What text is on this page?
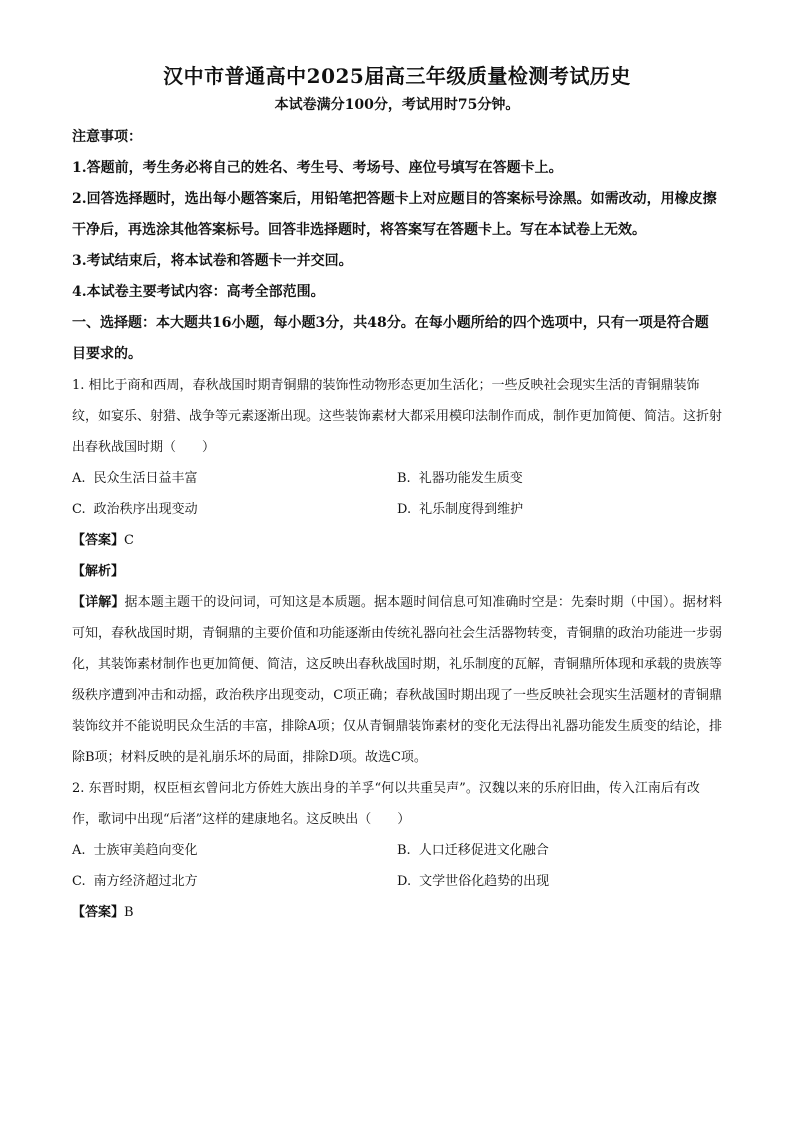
汉中市普通高中2025届高三年级质量检测考试历史

本试卷满分100分，考试用时75分钟。

注意事项：

1.答题前，考生务必将自己的姓名、考生号、考场号、座位号填写在答题卡上。

2.回答选择题时，选出每小题答案后，用铅笔把答题卡上对应题目的答案标号涂黑。如需改动，用橡皮擦干净后，再选涂其他答案标号。回答非选择题时，将答案写在答题卡上。写在本试卷上无效。

3.考试结束后，将本试卷和答题卡一并交回。

4.本试卷主要考试内容：高考全部范围。

一、选择题：本大题共16小题，每小题3分，共48分。在每小题所给的四个选项中，只有一项是符合题目要求的。

1. 相比于商和西周，春秋战国时期青铜鼎的装饰性动物形态更加生活化；一些反映社会现实生活的青铜鼎装饰纹，如宴乐、射猎、战争等元素逐渐出现。这些装饰素材大都采用模印法制作而成，制作更加简便、简洁。这折射出春秋战国时期（　　）

A. 民众生活日益丰富	B. 礼器功能发生质变
C. 政治秩序出现变动	D. 礼乐制度得到维护

【答案】C

【解析】

【详解】据本题主题干的设问词，可知这是本质题。据本题时间信息可知准确时空是：先秦时期（中国）。据材料可知，春秋战国时期，青铜鼎的主要价值和功能逐渐由传统礼器向社会生活器物转变，青铜鼎的政治功能进一步弱化，其装饰素材制作也更加简便、简洁，这反映出春秋战国时期，礼乐制度的瓦解，青铜鼎所体现和承载的贵族等级秩序遭到冲击和动摇，政治秩序出现变动，C项正确；春秋战国时期出现了一些反映社会现实生活题材的青铜鼎装饰纹并不能说明民众生活的丰富，排除A项；仅从青铜鼎装饰素材的变化无法得出礼器功能发生质变的结论，排除B项；材料反映的是礼崩乐坏的局面，排除D项。故选C项。

2. 东晋时期，权臣桓玄曾问北方侨姓大族出身的羊孚“何以共重吴声”。汉魏以来的乐府旧曲，传入江南后有改作，歌词中出现“后渚”这样的建康地名。这反映出（　　）

A. 士族审美趋向变化	B. 人口迁移促进文化融合
C. 南方经济超过北方	D. 文学世俗化趋势的出现

【答案】B
